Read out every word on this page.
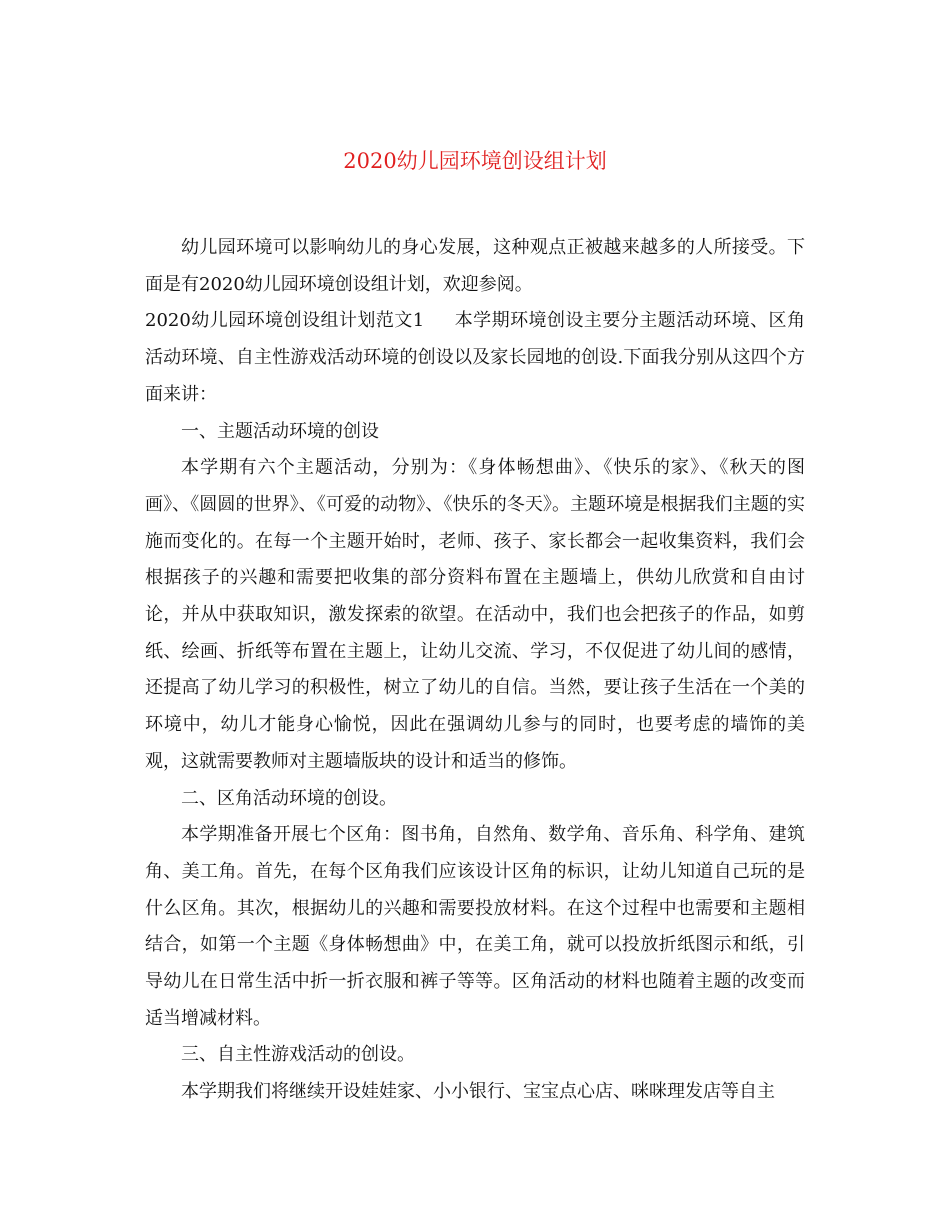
2020幼儿园环境创设组计划

幼儿园环境可以影响幼儿的身心发展，这种观点正被越来越多的人所接受。下面是有2020幼儿园环境创设组计划，欢迎参阅。

2020幼儿园环境创设组计划范文1 本学期环境创设主要分主题活动环境、区角活动环境、自主性游戏活动环境的创设以及家长园地的创设.下面我分别从这四个方面来讲：

一、主题活动环境的创设

本学期有六个主题活动，分别为：《身体畅想曲》、《快乐的家》、《秋天的图画》、《圆圆的世界》、《可爱的动物》、《快乐的冬天》。主题环境是根据我们主题的实施而变化的。在每一个主题开始时，老师、孩子、家长都会一起收集资料，我们会根据孩子的兴趣和需要把收集的部分资料布置在主题墙上，供幼儿欣赏和自由讨论，并从中获取知识，激发探索的欲望。在活动中，我们也会把孩子的作品，如剪纸、绘画、折纸等布置在主题上，让幼儿交流、学习，不仅促进了幼儿间的感情，还提高了幼儿学习的积极性，树立了幼儿的自信。当然，要让孩子生活在一个美的环境中，幼儿才能身心愉悦，因此在强调幼儿参与的同时，也要考虑的墙饰的美观，这就需要教师对主题墙版块的设计和适当的修饰。

二、区角活动环境的创设。

本学期准备开展七个区角：图书角，自然角、数学角、音乐角、科学角、建筑角、美工角。首先，在每个区角我们应该设计区角的标识，让幼儿知道自己玩的是什么区角。其次，根据幼儿的兴趣和需要投放材料。在这个过程中也需要和主题相结合，如第一个主题《身体畅想曲》中，在美工角，就可以投放折纸图示和纸，引导幼儿在日常生活中折一折衣服和裤子等等。区角活动的材料也随着主题的改变而适当增减材料。

三、自主性游戏活动的创设。

本学期我们将继续开设娃娃家、小小银行、宝宝点心店、咪咪理发店等自主
